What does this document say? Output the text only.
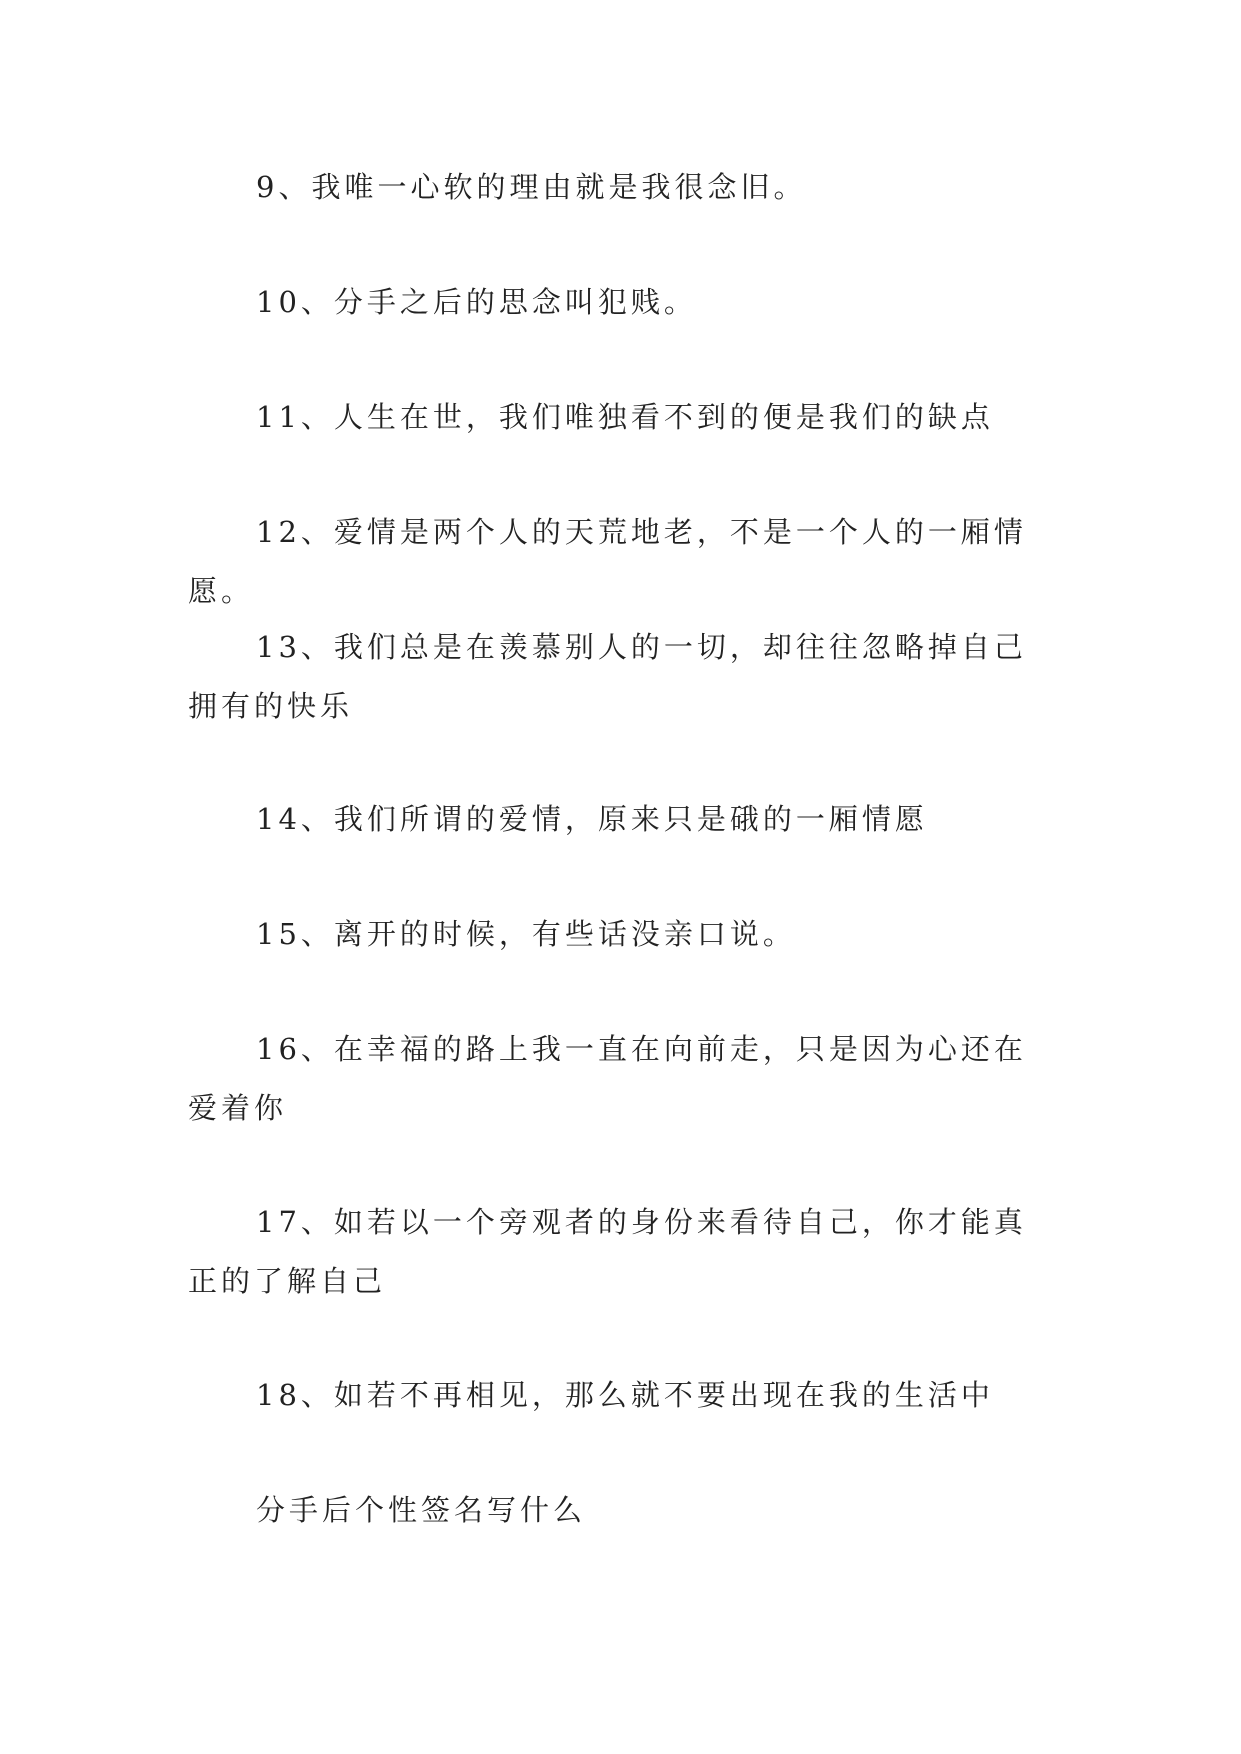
9、我唯一心软的理由就是我很念旧。

10、分手之后的思念叫犯贱。

11、人生在世，我们唯独看不到的便是我们的缺点

12、爱情是两个人的天荒地老，不是一个人的一厢情愿。

13、我们总是在羡慕别人的一切，却往往忽略掉自己拥有的快乐

14、我们所谓的爱情，原来只是硪的一厢情愿

15、离开的时候，有些话没亲口说。

16、在幸福的路上我一直在向前走，只是因为心还在爱着你

17、如若以一个旁观者的身份来看待自己，你才能真正的了解自己

18、如若不再相见，那么就不要出现在我的生活中

分手后个性签名写什么
